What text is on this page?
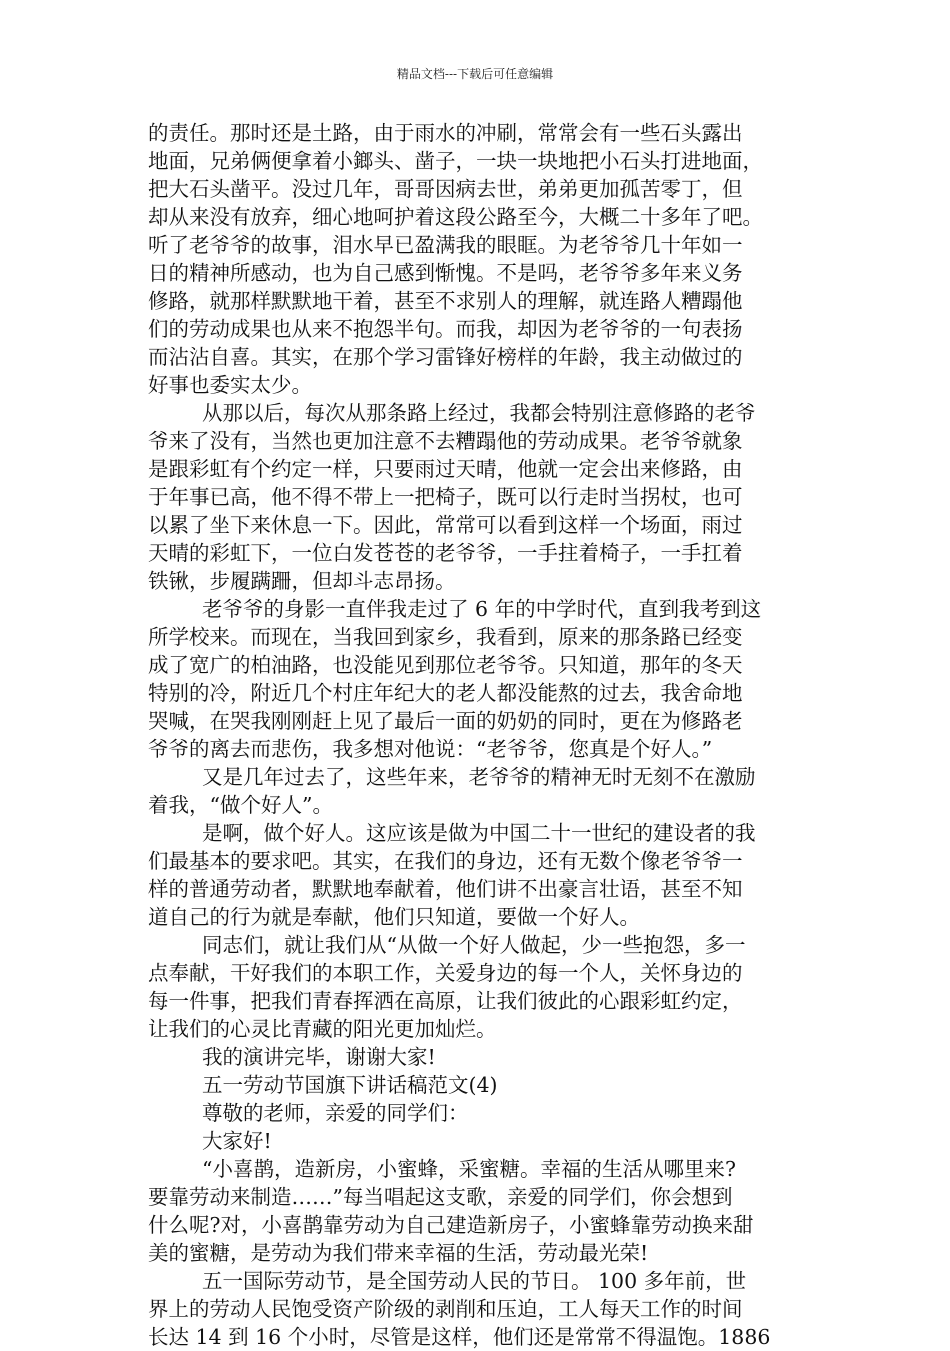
精品文档---下载后可任意编辑
的责任。那时还是土路，由于雨水的冲刷，常常会有一些石头露出
地面，兄弟俩便拿着小鎯头、凿子，一块一块地把小石头打进地面，
把大石头凿平。没过几年，哥哥因病去世，弟弟更加孤苦零丁，但
却从来没有放弃，细心地呵护着这段公路至今，大概二十多年了吧。
听了老爷爷的故事，泪水早已盈满我的眼眶。为老爷爷几十年如一
日的精神所感动，也为自己感到惭愧。不是吗，老爷爷多年来义务
修路，就那样默默地干着，甚至不求别人的理解，就连路人糟蹋他
们的劳动成果也从来不抱怨半句。而我，却因为老爷爷的一句表扬
而沾沾自喜。其实，在那个学习雷锋好榜样的年龄，我主动做过的
好事也委实太少。
从那以后，每次从那条路上经过，我都会特别注意修路的老爷
爷来了没有，当然也更加注意不去糟蹋他的劳动成果。老爷爷就象
是跟彩虹有个约定一样，只要雨过天晴，他就一定会出来修路，由
于年事已高，他不得不带上一把椅子，既可以行走时当拐杖，也可
以累了坐下来休息一下。因此，常常可以看到这样一个场面，雨过
天晴的彩虹下，一位白发苍苍的老爷爷，一手拄着椅子，一手扛着
铁锹，步履蹒跚，但却斗志昂扬。
老爷爷的身影一直伴我走过了 6 年的中学时代，直到我考到这
所学校来。而现在，当我回到家乡，我看到，原来的那条路已经变
成了宽广的柏油路，也没能见到那位老爷爷。只知道，那年的冬天
特别的冷，附近几个村庄年纪大的老人都没能熬的过去，我舍命地
哭喊，在哭我刚刚赶上见了最后一面的奶奶的同时，更在为修路老
爷爷的离去而悲伤，我多想对他说：“老爷爷，您真是个好人。”
又是几年过去了，这些年来，老爷爷的精神无时无刻不在激励
着我，“做个好人”。
是啊，做个好人。这应该是做为中国二十一世纪的建设者的我
们最基本的要求吧。其实，在我们的身边，还有无数个像老爷爷一
样的普通劳动者，默默地奉献着，他们讲不出豪言壮语，甚至不知
道自己的行为就是奉献，他们只知道，要做一个好人。
同志们，就让我们从“从做一个好人做起，少一些抱怨，多一
点奉献，干好我们的本职工作，关爱身边的每一个人，关怀身边的
每一件事，把我们青春挥洒在高原，让我们彼此的心跟彩虹约定，
让我们的心灵比青藏的阳光更加灿烂。
我的演讲完毕，谢谢大家!
五一劳动节国旗下讲话稿范文(4)
尊敬的老师，亲爱的同学们：
大家好!
“小喜鹊，造新房，小蜜蜂，采蜜糖。幸福的生活从哪里来?
要靠劳动来制造……”每当唱起这支歌，亲爱的同学们，你会想到
什么呢?对，小喜鹊靠劳动为自己建造新房子，小蜜蜂靠劳动换来甜
美的蜜糖，是劳动为我们带来幸福的生活，劳动最光荣!
五一国际劳动节，是全国劳动人民的节日。 100 多年前，世
界上的劳动人民饱受资产阶级的剥削和压迫，工人每天工作的时间
长达 14 到 16 个小时，尽管是这样，他们还是常常不得温饱。1886
